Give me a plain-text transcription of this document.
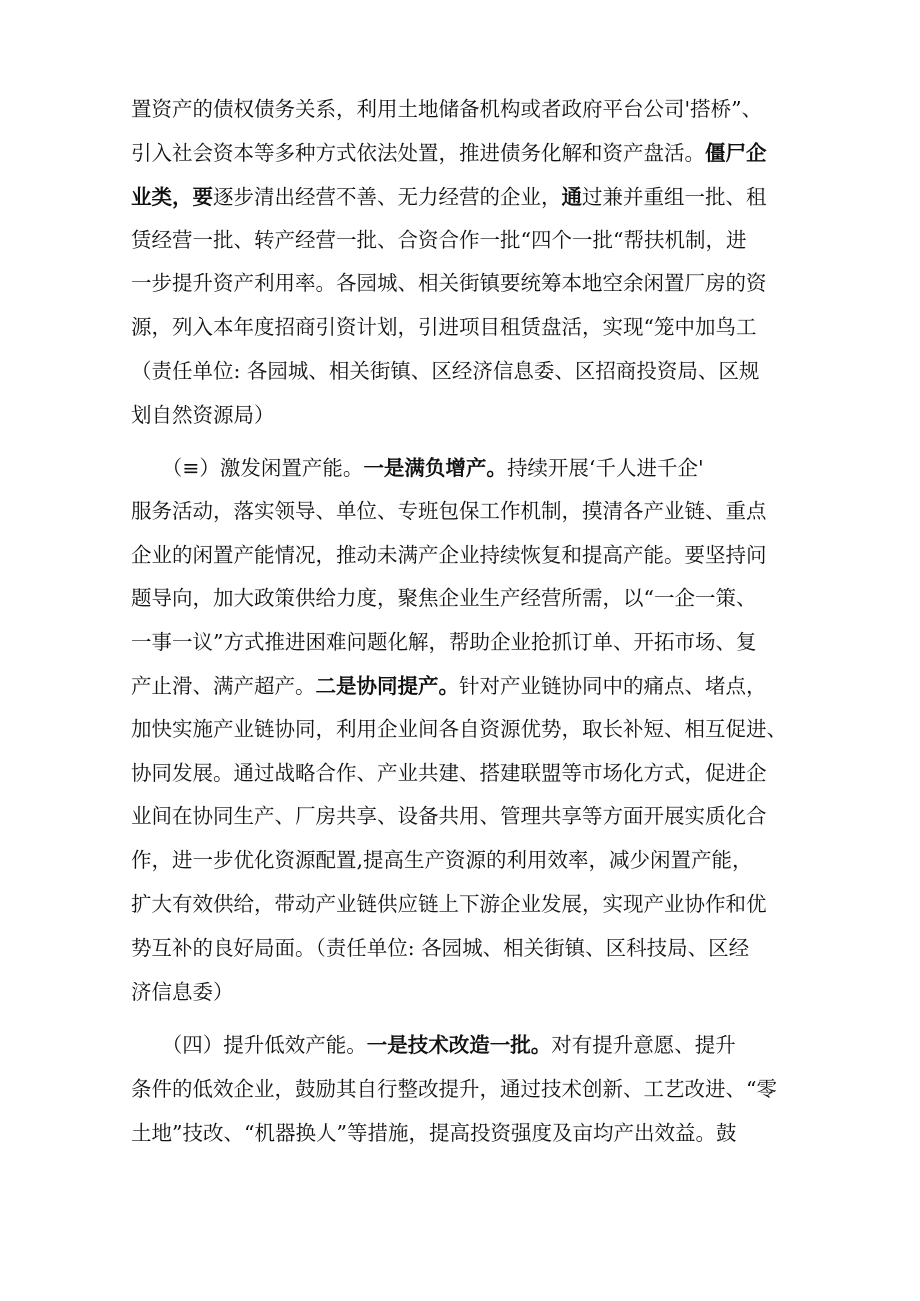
置资产的债权债务关系，利用土地储备机构或者政府平台公司'搭桥”、
引入社会资本等多种方式依法处置，推进债务化解和资产盘活。僵尸企
业类，要逐步清出经营不善、无力经营的企业，通过兼并重组一批、租
赁经营一批、转产经营一批、合资合作一批“四个一批“帮扶机制，进
一步提升资产利用率。各园城、相关街镇要统筹本地空余闲置厂房的资
源，列入本年度招商引资计划，引进项目租赁盘活，实现“笼中加鸟工
（责任单位: 各园城、相关街镇、区经济信息委、区招商投资局、区规
划自然资源局）
　　（≡）激发闲置产能。一是满负增产。持续开展‘千人进千企'
服务活动，落实领导、单位、专班包保工作机制，摸清各产业链、重点
企业的闲置产能情况，推动未满产企业持续恢复和提高产能。要坚持问
题导向，加大政策供给力度，聚焦企业生产经营所需，以“一企一策、
一事一议”方式推进困难问题化解，帮助企业抢抓订单、开拓市场、复
产止滑、满产超产。二是协同提产。针对产业链协同中的痛点、堵点，
加快实施产业链协同，利用企业间各自资源优势，取长补短、相互促进、
协同发展。通过战略合作、产业共建、搭建联盟等市场化方式，促进企
业间在协同生产、厂房共享、设备共用、管理共享等方面开展实质化合
作，进一步优化资源配置,提高生产资源的利用效率，减少闲置产能，
扩大有效供给，带动产业链供应链上下游企业发展，实现产业协作和优
势互补的良好局面。（责任单位: 各园城、相关街镇、区科技局、区经
济信息委）
　　（四）提升低效产能。一是技术改造一批。对有提升意愿、提升
条件的低效企业，鼓励其自行整改提升，通过技术创新、工艺改进、“零
土地”技改、“机器换人”等措施，提高投资强度及亩均产出效益。鼓
